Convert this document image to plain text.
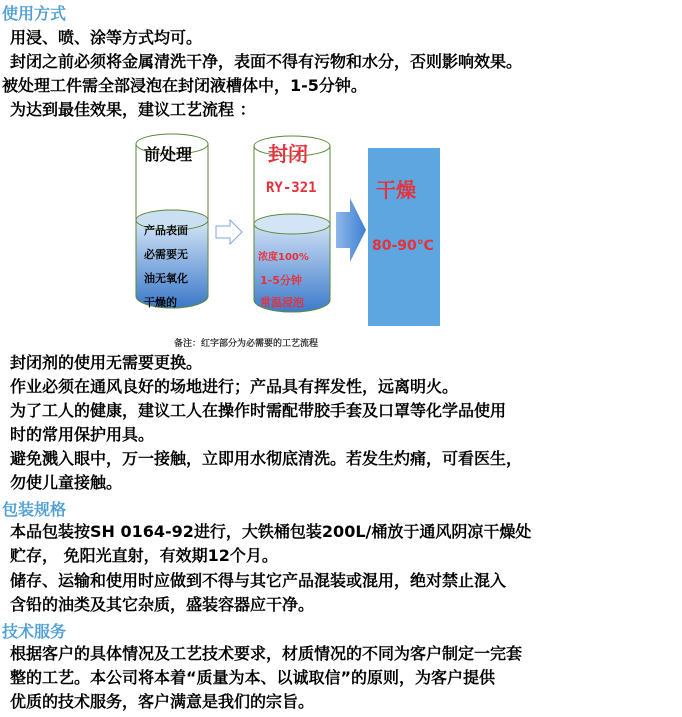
使用方式

用浸、喷、涂等方式均可。

封闭之前必须将金属清洗干净，表面不得有污物和水分，否则影响效果。

被处理工件需全部浸泡在封闭液槽体中，1-5分钟。

为达到最佳效果，建议工艺流程 ：

前处理
产品表面
必需要无
油无氧化
干燥的
封闭
RY-321
浓度100%
1-5分钟
常温浸泡
干燥
80-90℃
备注：红字部分为必需要的工艺流程

封闭剂的使用无需要更换。

作业必须在通风良好的场地进行；产品具有挥发性，远离明火。

为了工人的健康，建议工人在操作时需配带胶手套及口罩等化学品使用

时的常用保护用具。

避免溅入眼中，万一接触，立即用水彻底清洗。若发生灼痛，可看医生，

勿使儿童接触。

包装规格

本品包装按SH 0164-92进行，大铁桶包装200L/桶放于通风阴凉干燥处

贮存， 免阳光直射，有效期12个月。

储存、运输和使用时应做到不得与其它产品混装或混用，绝对禁止混入

含铅的油类及其它杂质，盛装容器应干净。

技术服务

根据客户的具体情况及工艺技术要求，材质情况的不同为客户制定一完套

整的工艺。本公司将本着“质量为本、以诚取信”的原则，为客户提供

优质的技术服务，客户满意是我们的宗旨。
